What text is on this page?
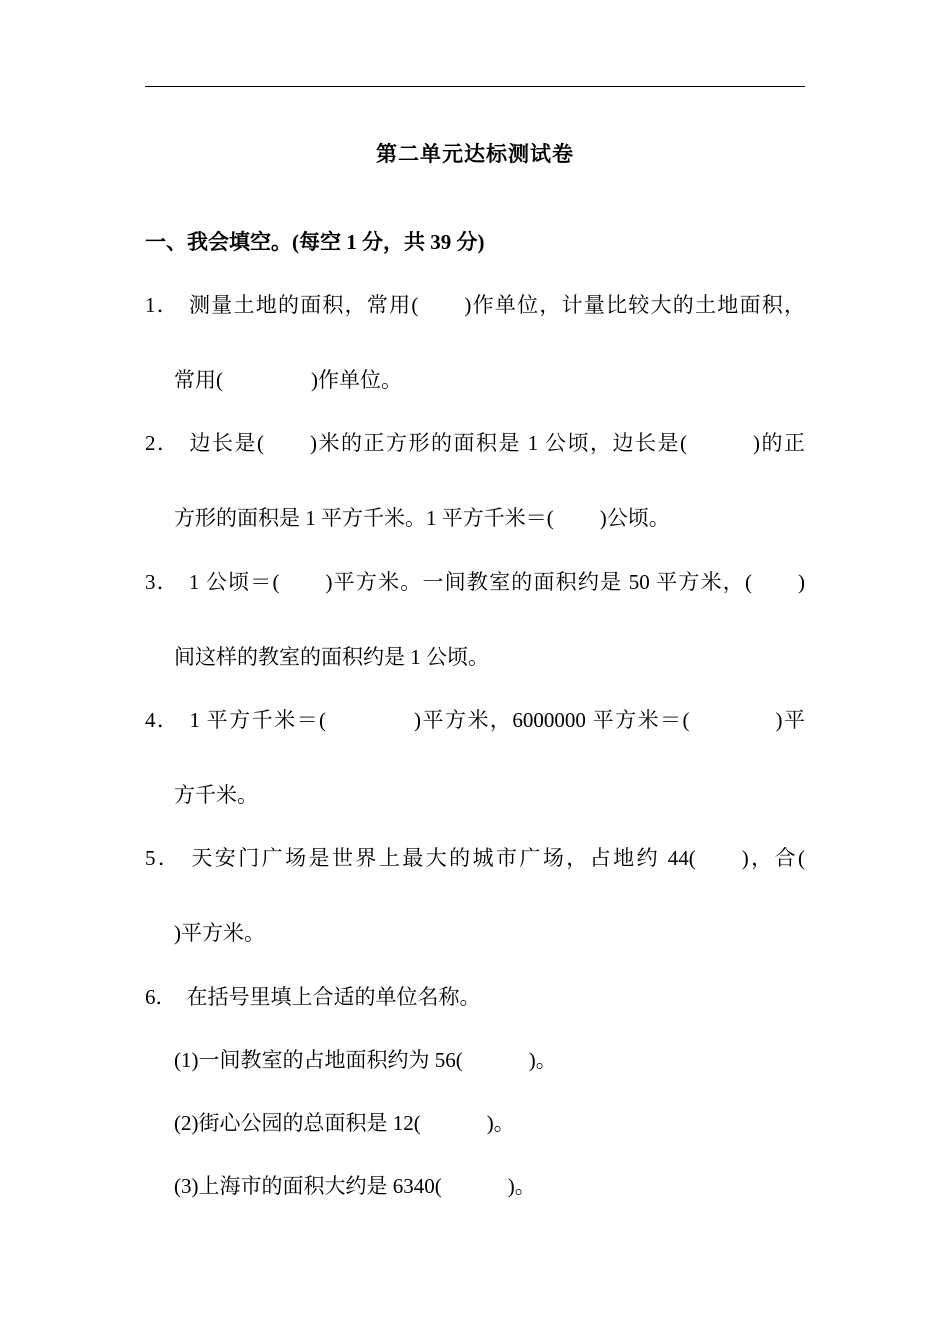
第二单元达标测试卷
一、我会填空。(每空 1 分，共 39 分)
1． 测量土地的面积，常用( )作单位，计量比较大的土地面积，
常用(	)作单位。
2． 边长是( )米的正方形的面积是 1 公顷，边长是(	)的正
方形的面积是 1 平方千米。1 平方千米＝( )公顷。
3． 1 公顷＝( )平方米。一间教室的面积约是 50 平方米，( )
间这样的教室的面积约是 1 公顷。
4． 1 平方千米＝(	)平方米，6000000 平方米＝(	)平
方千米。
5． 天安门广场是世界上最大的城市广场，占地约 44( )，合(
)平方米。
6． 在括号里填上合适的单位名称。
(1)一间教室的占地面积约为 56(	)。
(2)街心公园的总面积是 12(	)。
(3)上海市的面积大约是 6340(	)。
